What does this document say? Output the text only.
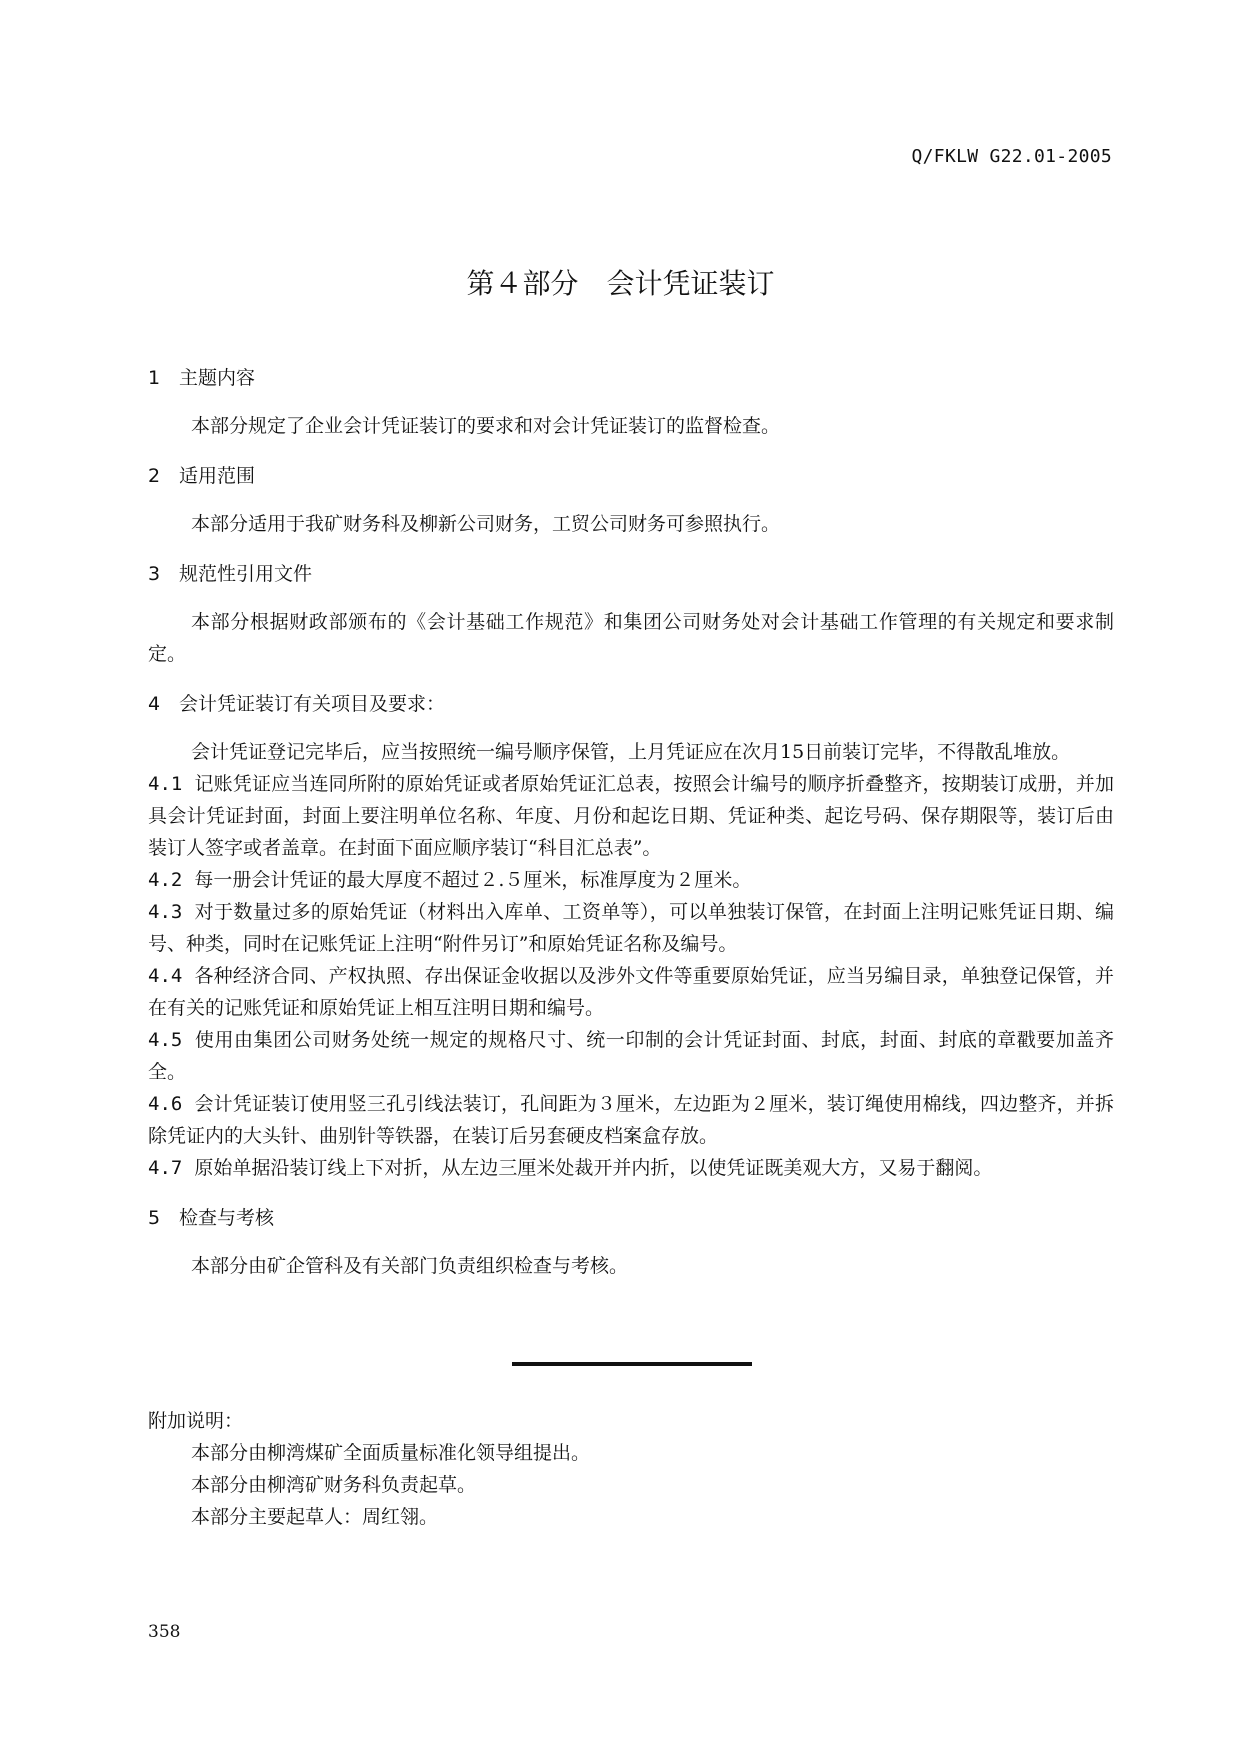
Q/FKLW G22.01-2005
第４部分　会计凭证装订

1 主题内容

本部分规定了企业会计凭证装订的要求和对会计凭证装订的监督检查。

2 适用范围

本部分适用于我矿财务科及柳新公司财务，工贸公司财务可参照执行。

3 规范性引用文件

本部分根据财政部颁布的《会计基础工作规范》和集团公司财务处对会计基础工作管理的有关规定和要求制定。

4 会计凭证装订有关项目及要求：

会计凭证登记完毕后，应当按照统一编号顺序保管，上月凭证应在次月15日前装订完毕，不得散乱堆放。

4.1 记账凭证应当连同所附的原始凭证或者原始凭证汇总表，按照会计编号的顺序折叠整齐，按期装订成册，并加具会计凭证封面，封面上要注明单位名称、年度、月份和起讫日期、凭证种类、起讫号码、保存期限等，装订后由装订人签字或者盖章。在封面下面应顺序装订“科目汇总表”。

4.2 每一册会计凭证的最大厚度不超过２.５厘米，标准厚度为２厘米。

4.3 对于数量过多的原始凭证（材料出入库单、工资单等），可以单独装订保管，在封面上注明记账凭证日期、编号、种类，同时在记账凭证上注明“附件另订”和原始凭证名称及编号。

4.4 各种经济合同、产权执照、存出保证金收据以及涉外文件等重要原始凭证，应当另编目录，单独登记保管，并在有关的记账凭证和原始凭证上相互注明日期和编号。

4.5 使用由集团公司财务处统一规定的规格尺寸、统一印制的会计凭证封面、封底，封面、封底的章戳要加盖齐全。

4.6 会计凭证装订使用竖三孔引线法装订，孔间距为３厘米，左边距为２厘米，装订绳使用棉线，四边整齐，并拆除凭证内的大头针、曲别针等铁器，在装订后另套硬皮档案盒存放。

4.7 原始单据沿装订线上下对折，从左边三厘米处裁开并内折，以使凭证既美观大方，又易于翻阅。

5 检查与考核

本部分由矿企管科及有关部门负责组织检查与考核。

附加说明：

本部分由柳湾煤矿全面质量标准化领导组提出。

本部分由柳湾矿财务科负责起草。

本部分主要起草人：周红翎。

358
